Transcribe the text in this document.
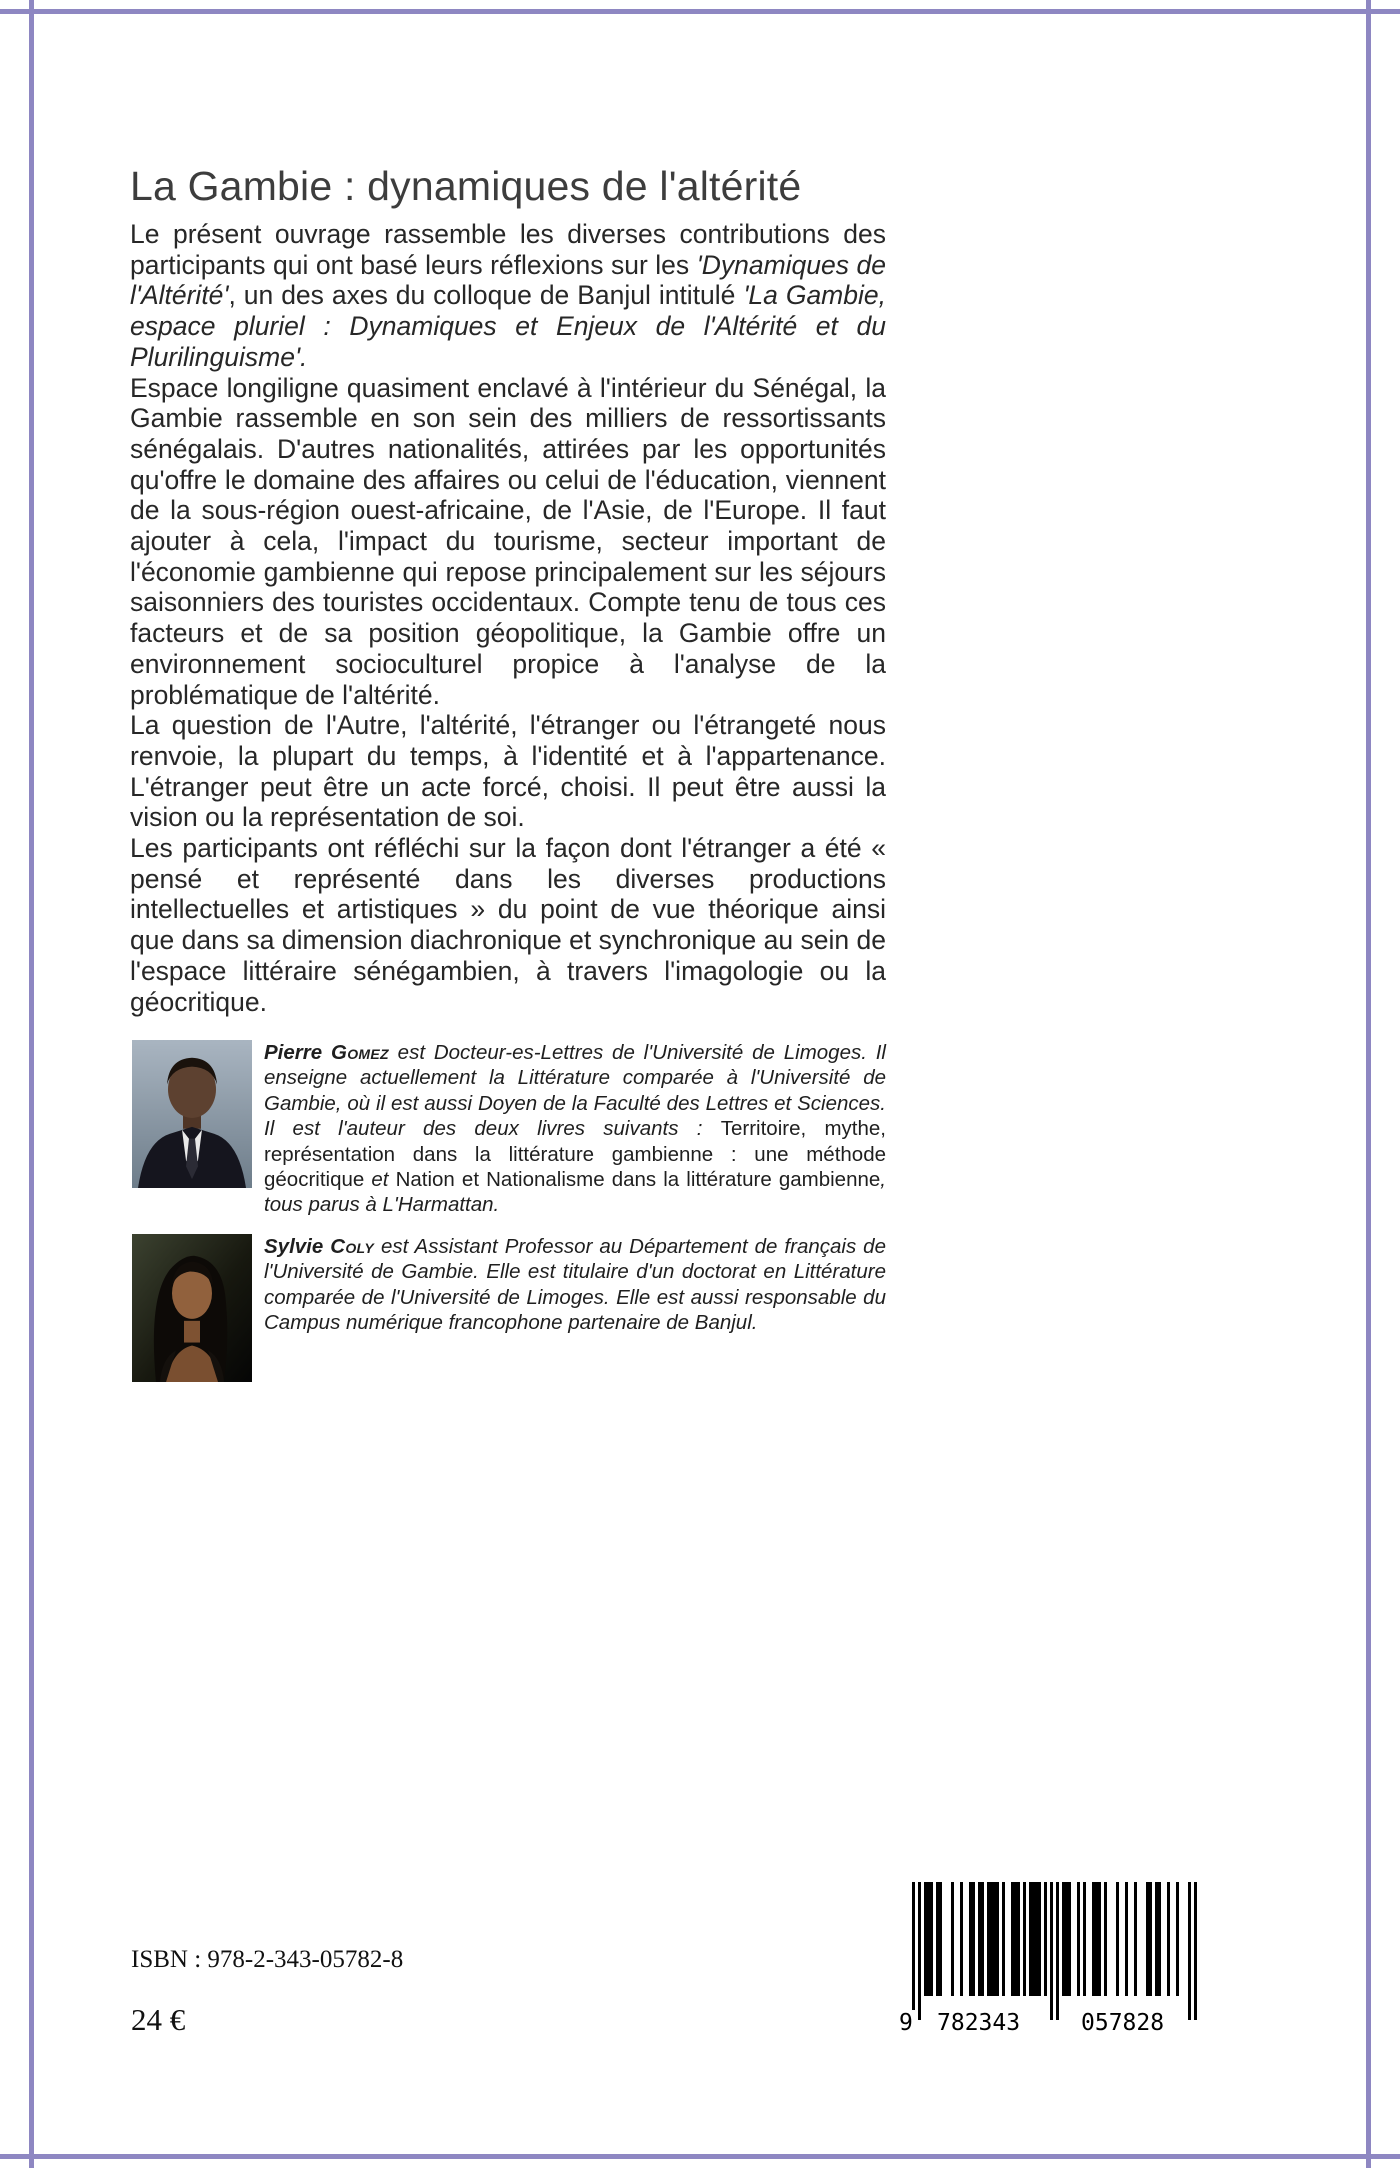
La Gambie : dynamiques de l'altérité

Le présent ouvrage rassemble les diverses contributions des participants qui ont basé leurs réflexions sur les 'Dynamiques de l'Altérité', un des axes du colloque de Banjul intitulé 'La Gambie, espace pluriel : Dynamiques et Enjeux de l'Altérité et du Plurilinguisme'.

Espace longiligne quasiment enclavé à l'intérieur du Sénégal, la Gambie rassemble en son sein des milliers de ressortissants sénégalais. D'autres nationalités, attirées par les opportunités qu'offre le domaine des affaires ou celui de l'éducation, viennent de la sous-région ouest-africaine, de l'Asie, de l'Europe. Il faut ajouter à cela, l'impact du tourisme, secteur important de l'économie gambienne qui repose principalement sur les séjours saisonniers des touristes occidentaux. Compte tenu de tous ces facteurs et de sa position géopolitique, la Gambie offre un environnement socioculturel propice à l'analyse de la problématique de l'altérité.

La question de l'Autre, l'altérité, l'étranger ou l'étrangeté nous renvoie, la plupart du temps, à l'identité et à l'appartenance. L'étranger peut être un acte forcé, choisi. Il peut être aussi la vision ou la représentation de soi.

Les participants ont réfléchi sur la façon dont l'étranger a été « pensé et représenté dans les diverses productions intellectuelles et artistiques » du point de vue théorique ainsi que dans sa dimension diachronique et synchronique au sein de l'espace littéraire sénégambien, à travers l'imagologie ou la géocritique.

Pierre Gomez est Docteur-es-Lettres de l'Université de Limoges. Il enseigne actuellement la Littérature comparée à l'Université de Gambie, où il est aussi Doyen de la Faculté des Lettres et Sciences. Il est l'auteur des deux livres suivants : Territoire, mythe, représentation dans la littérature gambienne : une méthode géocritique et Nation et Nationalisme dans la littérature gambienne, tous parus à L'Harmattan.
Sylvie Coly est Assistant Professor au Département de français de l'Université de Gambie. Elle est titulaire d'un doctorat en Littérature comparée de l'Université de Limoges. Elle est aussi responsable du Campus numérique francophone partenaire de Banjul.
ISBN : 978-2-343-05782-8
24 €	9 782343	057828
